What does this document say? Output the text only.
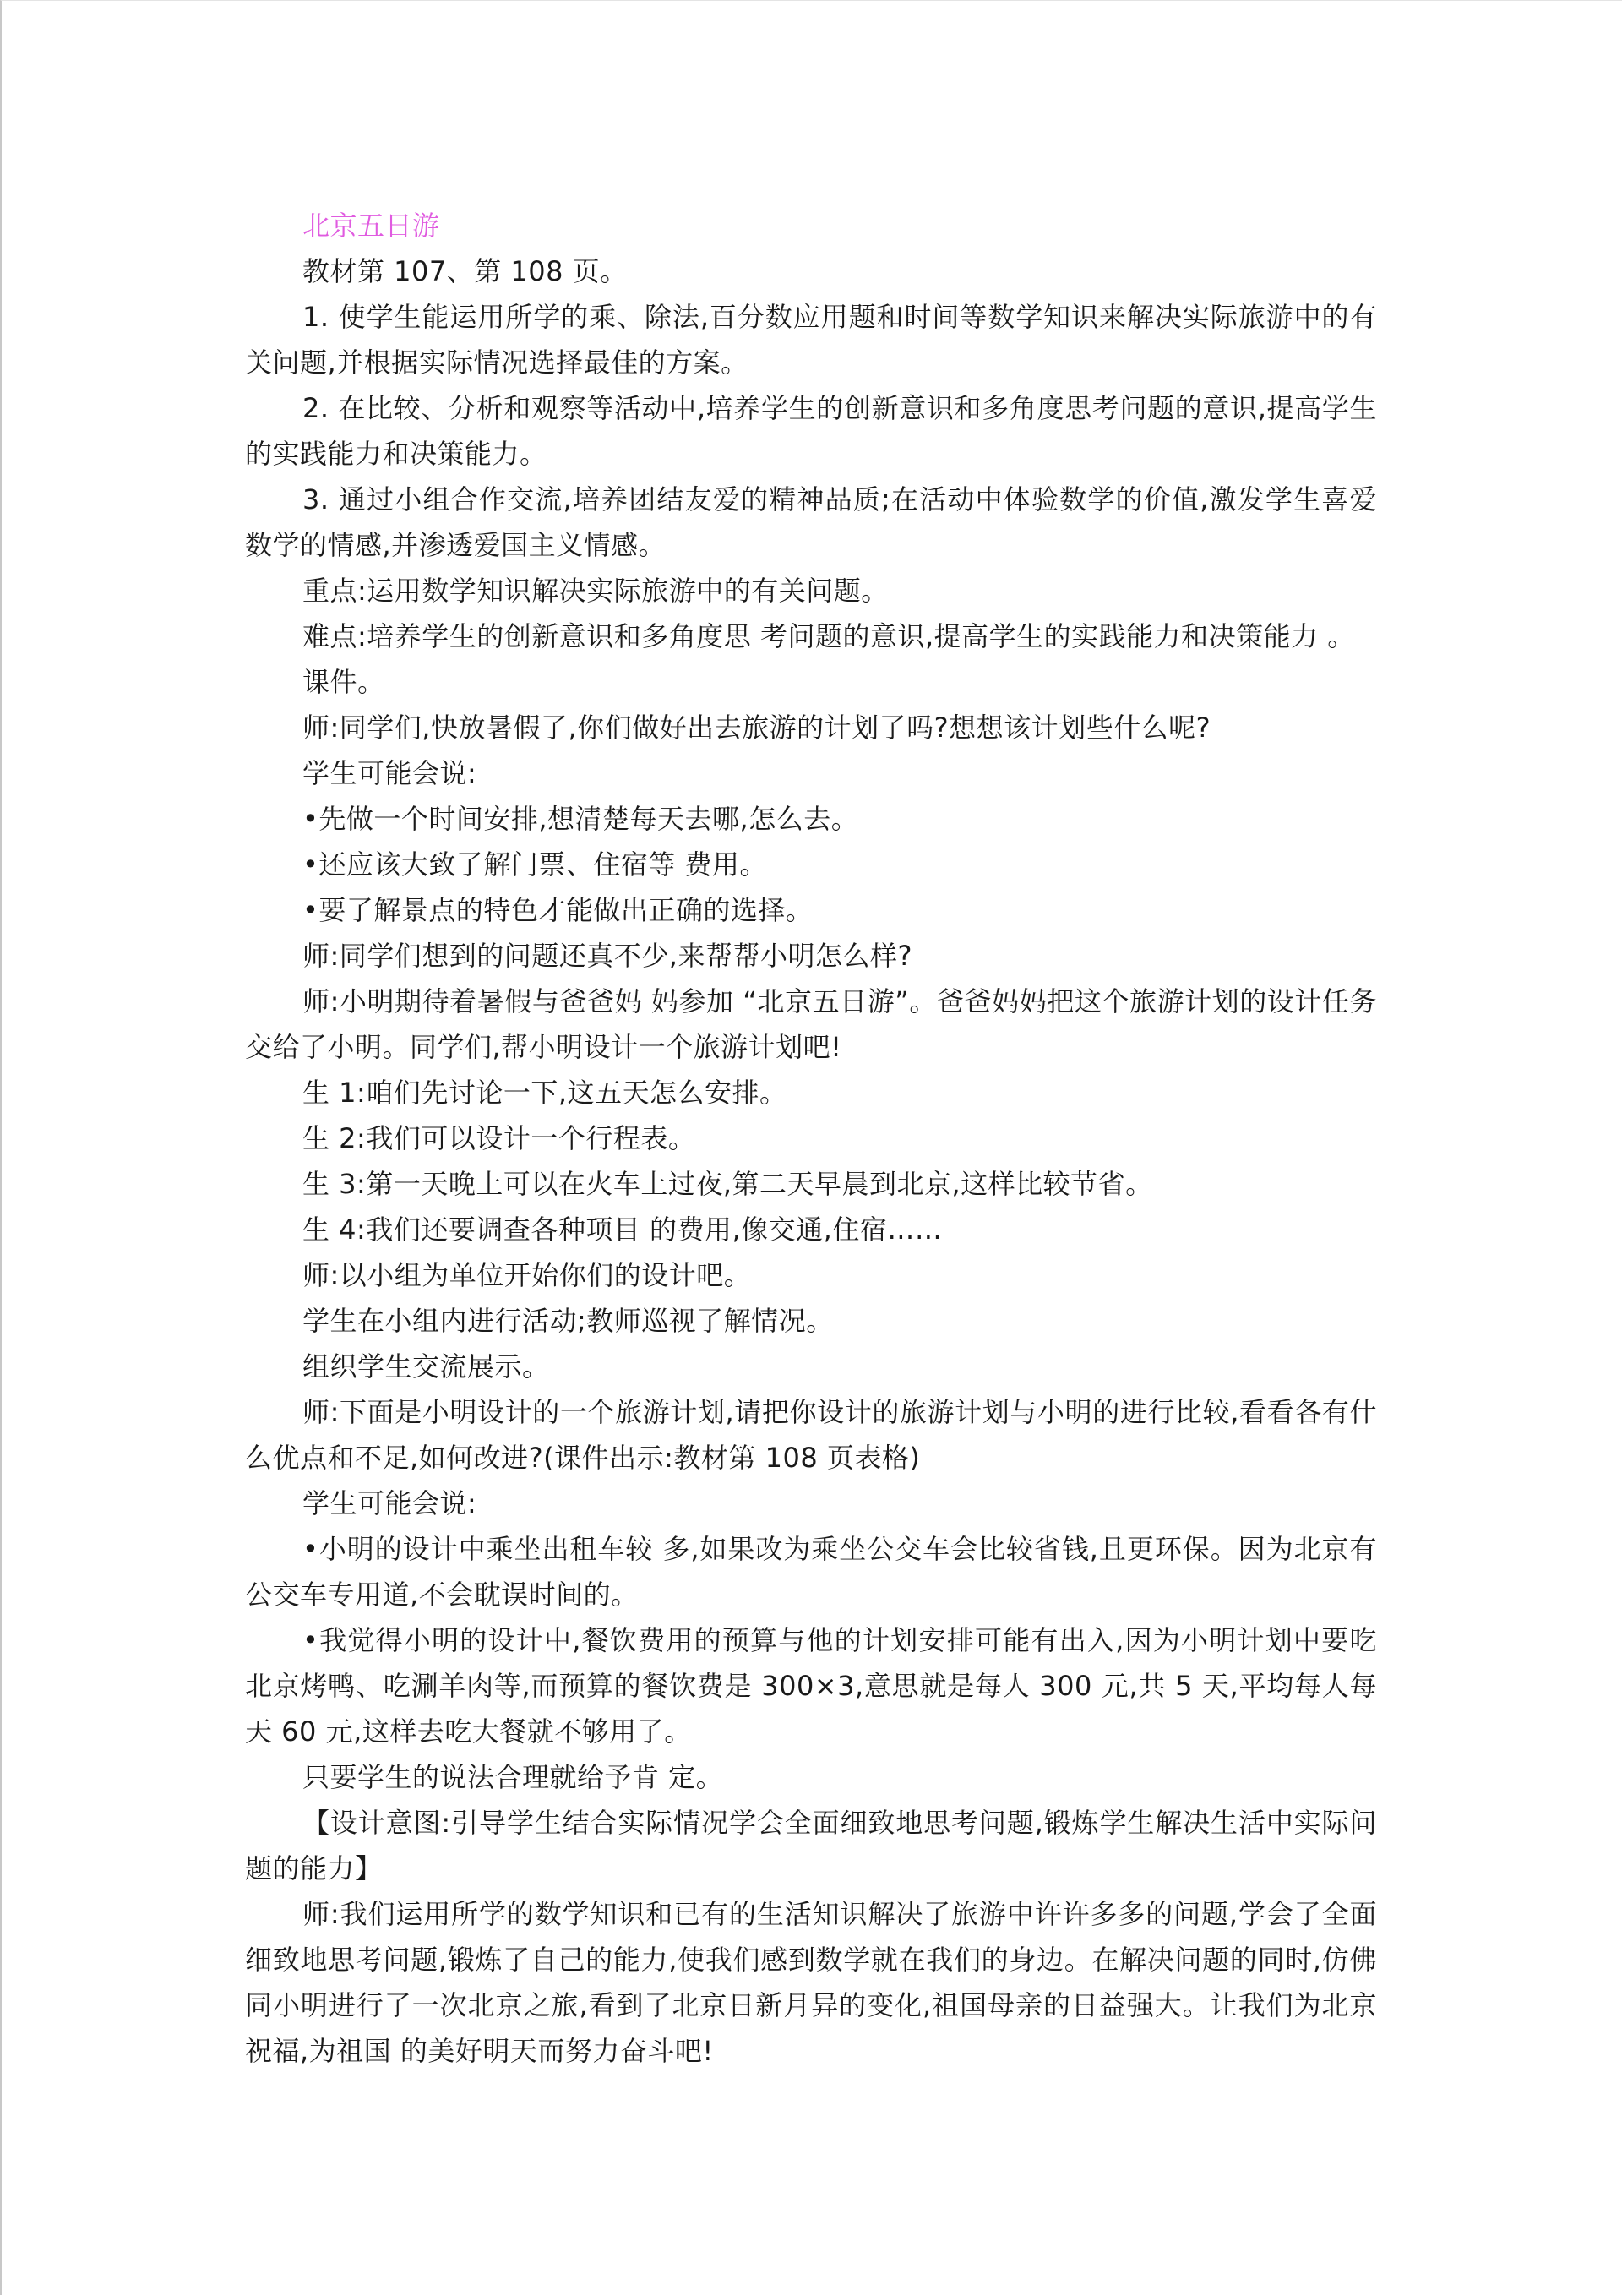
北京五日游

教材第 107、第 108 页。

1. 使学生能运用所学的乘、除法,百分数应用题和时间等数学知识来解决实际旅游中的有关问题,并根据实际情况选择最佳的方案。

2. 在比较、分析和观察等活动中,培养学生的创新意识和多角度思考问题的意识,提高学生的实践能力和决策能力。

3. 通过小组合作交流,培养团结友爱的精神品质;在活动中体验数学的价值,激发学生喜爱数学的情感,并渗透爱国主义情感。

重点:运用数学知识解决实际旅游中的有关问题。

难点:培养学生的创新意识和多角度思 考问题的意识,提高学生的实践能力和决策能力 。

课件。

师:同学们,快放暑假了,你们做好出去旅游的计划了吗?想想该计划些什么呢?

学生可能会说:

•先做一个时间安排,想清楚每天去哪,怎么去。

•还应该大致了解门票、住宿等 费用。

•要了解景点的特色才能做出正确的选择。

师:同学们想到的问题还真不少,来帮帮小明怎么样?

师:小明期待着暑假与爸爸妈 妈参加 “北京五日游”。爸爸妈妈把这个旅游计划的设计任务交给了小明。同学们,帮小明设计一个旅游计划吧!

生 1:咱们先讨论一下,这五天怎么安排。

生 2:我们可以设计一个行程表。

生 3:第一天晚上可以在火车上过夜,第二天早晨到北京,这样比较节省。

生 4:我们还要调查各种项目 的费用,像交通,住宿……

师:以小组为单位开始你们的设计吧。

学生在小组内进行活动;教师巡视了解情况。

组织学生交流展示。

师:下面是小明设计的一个旅游计划,请把你设计的旅游计划与小明的进行比较,看看各有什么优点和不足,如何改进?(课件出示:教材第 108 页表格)

学生可能会说:

•小明的设计中乘坐出租车较 多,如果改为乘坐公交车会比较省钱,且更环保。因为北京有公交车专用道,不会耽误时间的。

•我觉得小明的设计中,餐饮费用的预算与他的计划安排可能有出入,因为小明计划中要吃北京烤鸭、吃涮羊肉等,而预算的餐饮费是 300×3,意思就是每人 300 元,共 5 天,平均每人每天 60 元,这样去吃大餐就不够用了。

只要学生的说法合理就给予肯 定。

【设计意图:引导学生结合实际情况学会全面细致地思考问题,锻炼学生解决生活中实际问题的能力】

师:我们运用所学的数学知识和已有的生活知识解决了旅游中许许多多的问题,学会了全面细致地思考问题,锻炼了自己的能力,使我们感到数学就在我们的身边。在解决问题的同时,仿佛同小明进行了一次北京之旅,看到了北京日新月异的变化,祖国母亲的日益强大。让我们为北京祝福,为祖国 的美好明天而努力奋斗吧!
